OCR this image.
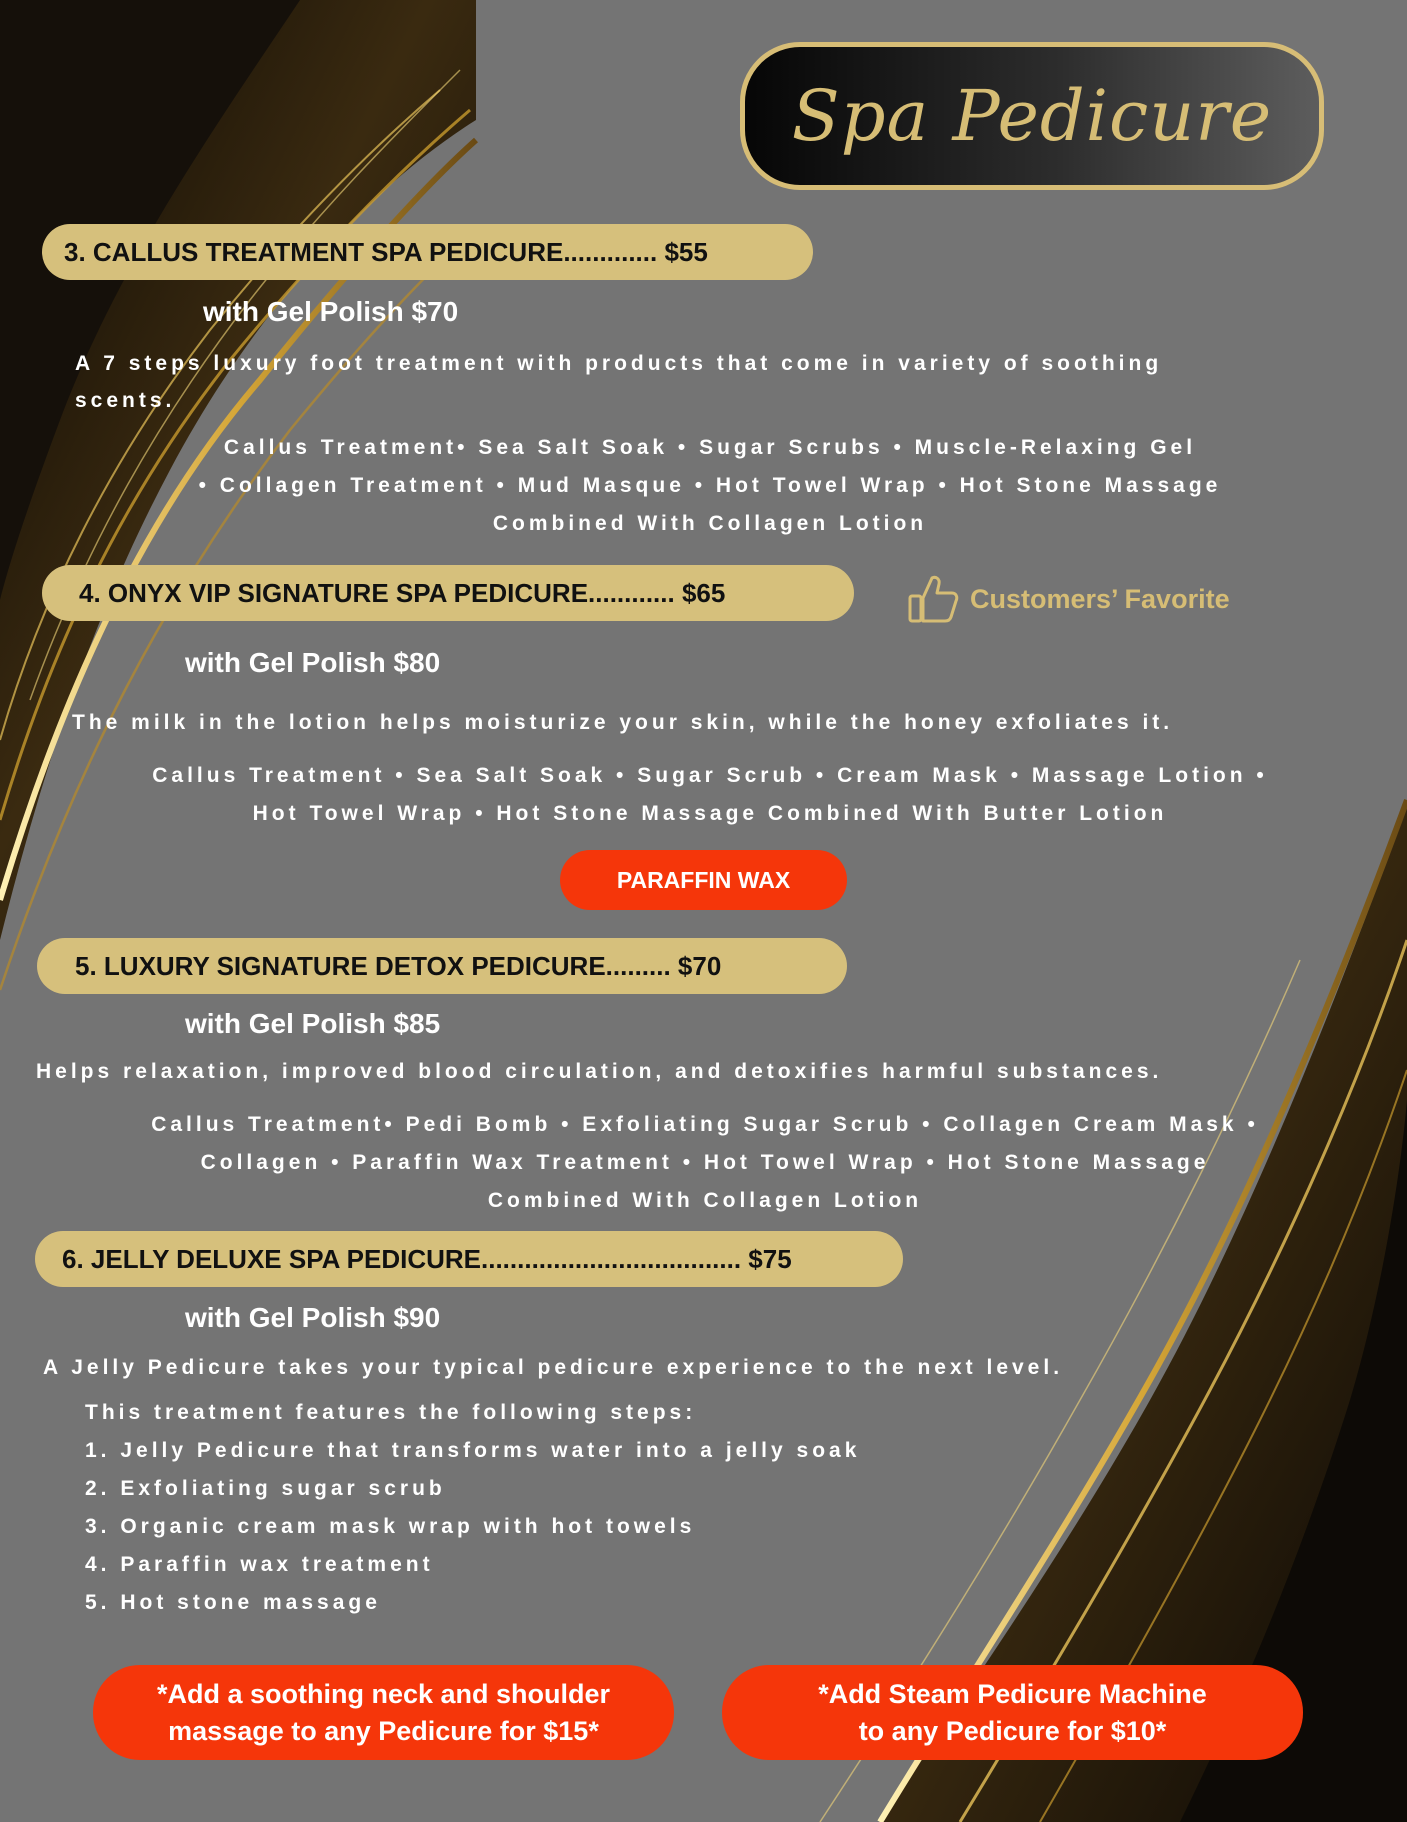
Spa Pedicure
3. CALLUS TREATMENT SPA PEDICURE............. $55
with Gel Polish $70
A 7 steps luxury foot treatment with products that come in variety of soothing scents.
Callus Treatment• Sea Salt Soak • Sugar Scrubs • Muscle-Relaxing Gel
• Collagen Treatment • Mud Masque • Hot Towel Wrap • Hot Stone Massage
Combined With Collagen Lotion
4. ONYX VIP SIGNATURE SPA PEDICURE............ $65	Customers’ Favorite
with Gel Polish $80
The milk in the lotion helps moisturize your skin, while the honey exfoliates it.
Callus Treatment • Sea Salt Soak • Sugar Scrub • Cream Mask • Massage Lotion •
Hot Towel Wrap • Hot Stone Massage Combined With Butter Lotion
PARAFFIN WAX
5. LUXURY SIGNATURE DETOX PEDICURE......... $70
with Gel Polish $85
Helps relaxation, improved blood circulation, and detoxifies harmful substances.
Callus Treatment• Pedi Bomb • Exfoliating Sugar Scrub • Collagen Cream Mask •
Collagen • Paraffin Wax Treatment • Hot Towel Wrap • Hot Stone Massage
Combined With Collagen Lotion
6. JELLY DELUXE SPA PEDICURE.................................... $75
with Gel Polish $90
A Jelly Pedicure takes your typical pedicure experience to the next level.
This treatment features the following steps:
1. Jelly Pedicure that transforms water into a jelly soak
2. Exfoliating sugar scrub
3. Organic cream mask wrap with hot towels
4. Paraffin wax treatment
5. Hot stone massage
*Add a soothing neck and shoulder
massage to any Pedicure for $15*
*Add Steam Pedicure Machine
to any Pedicure for $10*
